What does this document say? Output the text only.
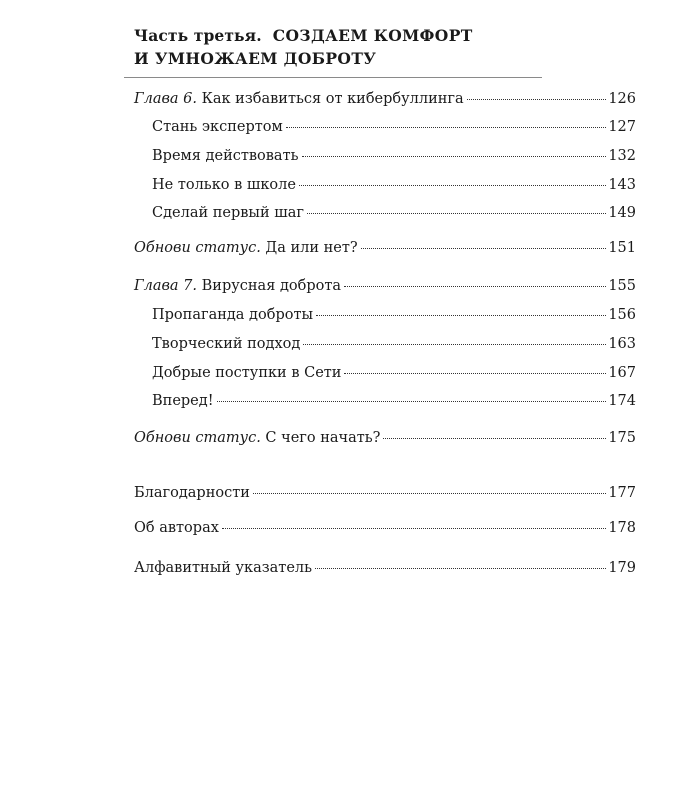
Часть третья. СОЗДАЕМ КОМФОРТ
И УМНОЖАЕМ ДОБРОТУ
Глава 6. Как избавиться от кибербуллинга	126
Стань экспертом	127
Время действовать	132
Не только в школе	143
Сделай первый шаг	149
Обнови статус. Да или нет?	151
Глава 7. Вирусная доброта	155
Пропаганда доброты	156
Творческий подход	163
Добрые поступки в Сети	167
Вперед!	174
Обнови статус. С чего начать?	175
Благодарности	177
Об авторах	178
Алфавитный указатель	179
